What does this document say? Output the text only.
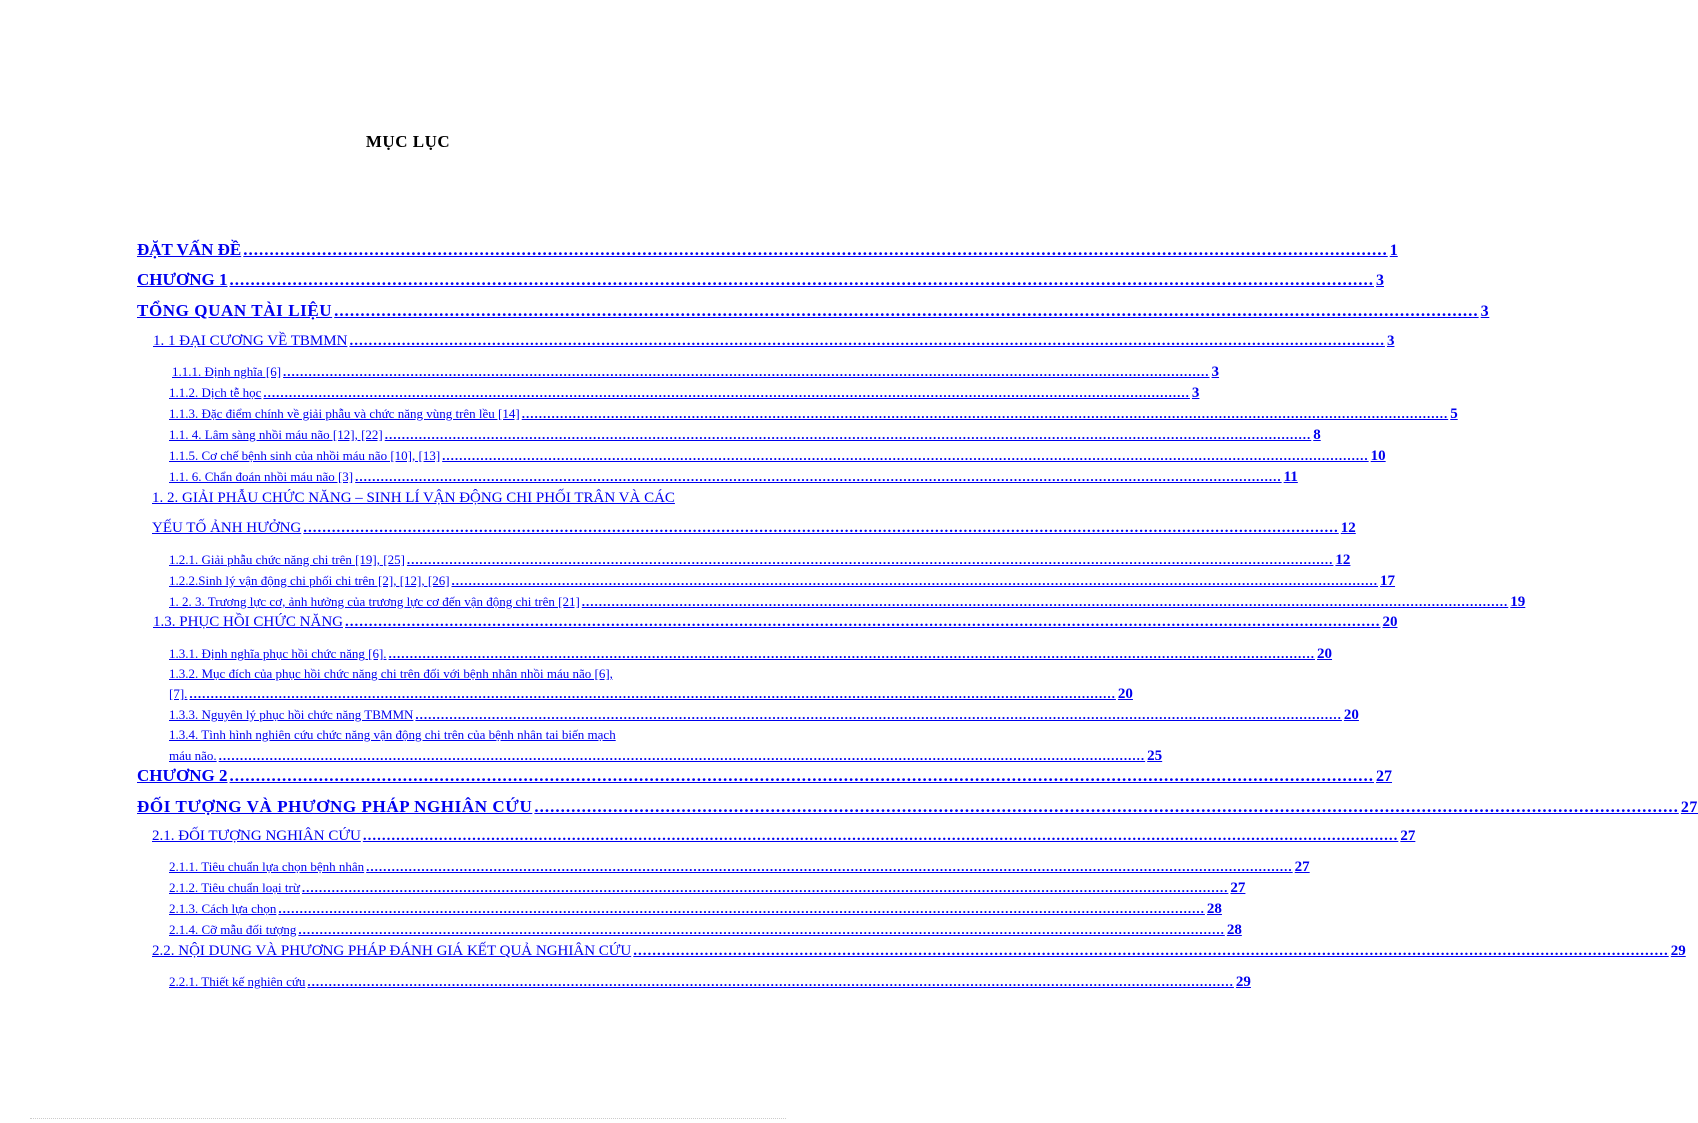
MỤC LỤC
ĐẶT VẤN ĐỀ .......................................................................................................................................................................................................................... 1
CHƯƠNG 1 .......................................................................................................................................................................................................................... 3
TỔNG QUAN TÀI LIỆU .......................................................................................................................................................................................................................... 3
1. 1 ĐẠI CƯƠNG VỀ TBMMN .......................................................................................................................................................................................................................... 3
1.1.1. Định nghĩa [6] .......................................................................................................................................................................................................................... 3
1.1.2. Dịch tễ học .......................................................................................................................................................................................................................... 3
1.1.3. Đặc điểm chính về giải phẫu và chức năng vùng trên lều [14] .......................................................................................................................................................................................................................... 5
1.1. 4. Lâm sàng nhồi máu não [12], [22] .......................................................................................................................................................................................................................... 8
1.1.5. Cơ chế bệnh sinh của nhồi máu não [10], [13] .......................................................................................................................................................................................................................... 10
1.1. 6. Chẩn đoán nhồi máu não [3] .......................................................................................................................................................................................................................... 11
1. 2. GIẢI PHẪU CHỨC NĂNG – SINH LÍ VẬN ĐỘNG CHI PHỐI TRÂN VÀ CÁC
YẾU TỐ ẢNH HƯỞNG .......................................................................................................................................................................................................................... 12
1.2.1. Giải phẫu chức năng chi trên [19], [25] .......................................................................................................................................................................................................................... 12
1.2.2.Sinh lý vận động chi phối chi trên [2], [12], [26] .......................................................................................................................................................................................................................... 17
1. 2. 3. Trương lực cơ, ảnh hưởng của trương lực cơ đến vận động chi trên [21] .......................................................................................................................................................................................................................... 19
1.3. PHỤC HỒI CHỨC NĂNG .......................................................................................................................................................................................................................... 20
1.3.1. Định nghĩa phục hồi chức năng [6]. .......................................................................................................................................................................................................................... 20
1.3.2. Mục đích của phục hồi chức năng chi trên đối với bệnh nhân nhồi máu não [6],
[7]. .......................................................................................................................................................................................................................... 20
1.3.3. Nguyên lý phục hồi chức năng TBMMN .......................................................................................................................................................................................................................... 20
1.3.4. Tình hình nghiên cứu chức năng vận động chi trên của bệnh nhân tai biến mạch
máu não. .......................................................................................................................................................................................................................... 25
CHƯƠNG 2 .......................................................................................................................................................................................................................... 27
ĐỐI TƯỢNG VÀ PHƯƠNG PHÁP NGHIÂN CỨU .......................................................................................................................................................................................................................... 27
2.1. ĐỐI TƯỢNG NGHIÂN CỨU .......................................................................................................................................................................................................................... 27
2.1.1. Tiêu chuẩn lựa chọn bệnh nhân .......................................................................................................................................................................................................................... 27
2.1.2. Tiêu chuẩn loại trừ .......................................................................................................................................................................................................................... 27
2.1.3. Cách lựa chọn .......................................................................................................................................................................................................................... 28
2.1.4. Cỡ mẫu đối tượng .......................................................................................................................................................................................................................... 28
2.2. NỘI DUNG VÀ PHƯƠNG PHÁP ĐÁNH GIÁ KẾT QUẢ NGHIÂN CỨU .......................................................................................................................................................................................................................... 29
2.2.1. Thiết kế nghiên cứu .......................................................................................................................................................................................................................... 29
